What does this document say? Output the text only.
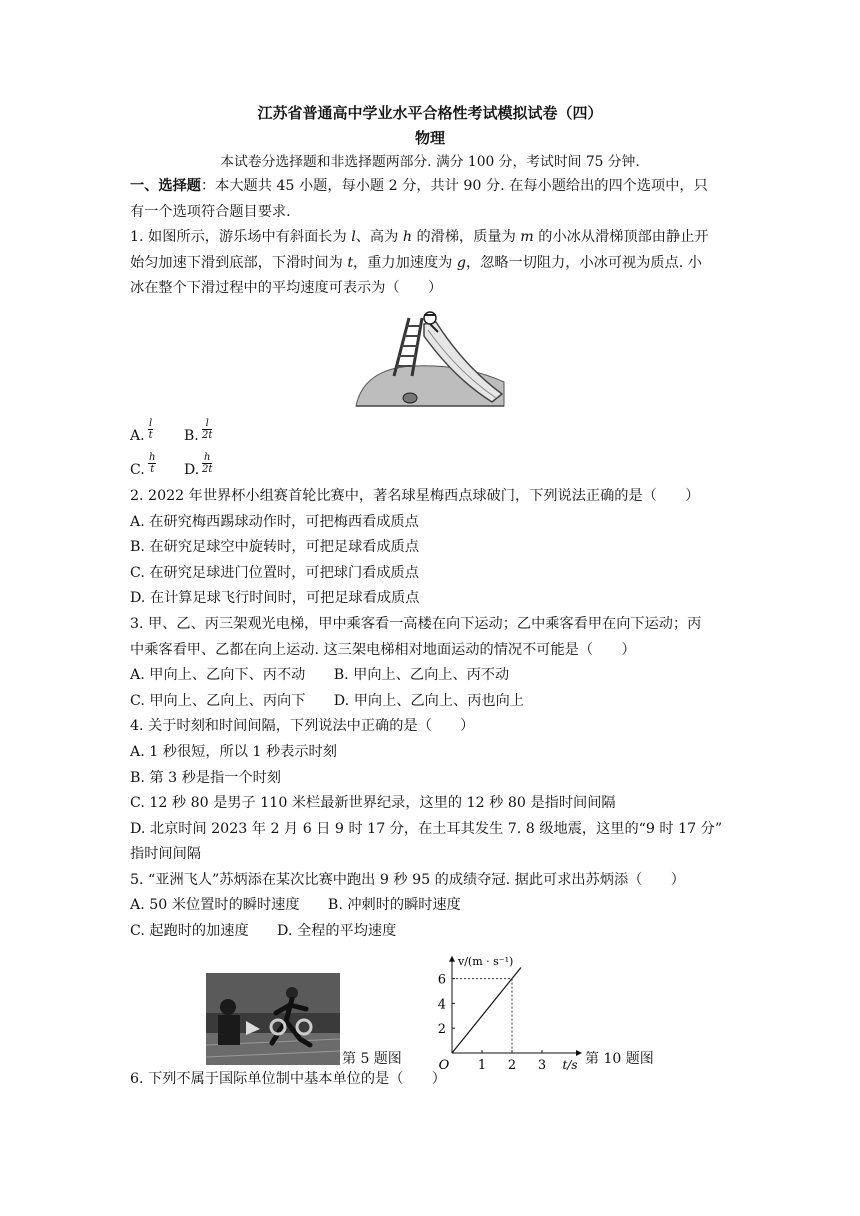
江苏省普通高中学业水平合格性考试模拟试卷（四）
物理
本试卷分选择题和非选择题两部分. 满分 100 分，考试时间 75 分钟.
一、选择题：本大题共 45 小题，每小题 2 分，共计 90 分. 在每小题给出的四个选项中，只
有一个选项符合题目要求.
1. 如图所示，游乐场中有斜面长为 l、高为 h 的滑梯，质量为 m 的小冰从滑梯顶部由静止开
始匀加速下滑到底部，下滑时间为 t，重力加速度为 g，忽略一切阻力，小冰可视为质点. 小
冰在整个下滑过程中的平均速度可表示为（　　）
A. $\frac{l}{t} B$. $\frac{l}{2t}$
C. $\frac{h}{t} D$. $\frac{h}{2t}$
2. 2022 年世界杯小组赛首轮比赛中，著名球星梅西点球破门，下列说法正确的是（　　）
A. 在研究梅西踢球动作时，可把梅西看成质点
B. 在研究足球空中旋转时，可把足球看成质点
C. 在研究足球进门位置时，可把球门看成质点
D. 在计算足球飞行时间时，可把足球看成质点
3. 甲、乙、丙三架观光电梯，甲中乘客看一高楼在向下运动；乙中乘客看甲在向下运动；丙
中乘客看甲、乙都在向上运动. 这三架电梯相对地面运动的情况不可能是（　　）
A. 甲向上、乙向下、丙不动　　B. 甲向上、乙向上、丙不动
C. 甲向上、乙向上、丙向下　　D. 甲向上、乙向上、丙也向上
4. 关于时刻和时间间隔，下列说法中正确的是（　　）
A. 1 秒很短，所以 1 秒表示时刻
B. 第 3 秒是指一个时刻
C. 12 秒 80 是男子 110 米栏最新世界纪录，这里的 12 秒 80 是指时间间隔
D. 北京时间 2023 年 2 月 6 日 9 时 17 分，在土耳其发生 7. 8 级地震，这里的“9 时 17 分”
指时间间隔
5. “亚洲飞人”苏炳添在某次比赛中跑出 9 秒 95 的成绩夺冠. 据此可求出苏炳添（　　）
A. 50 米位置时的瞬时速度　　B. 冲刺时的瞬时速度
C. 起跑时的加速度　　D. 全程的平均速度
第 5 题图	1 2 3
2
4
6
O	t/s
v/(m · s⁻¹)
第 10 题图
6. 下列不属于国际单位制中基本单位的是（　　）
